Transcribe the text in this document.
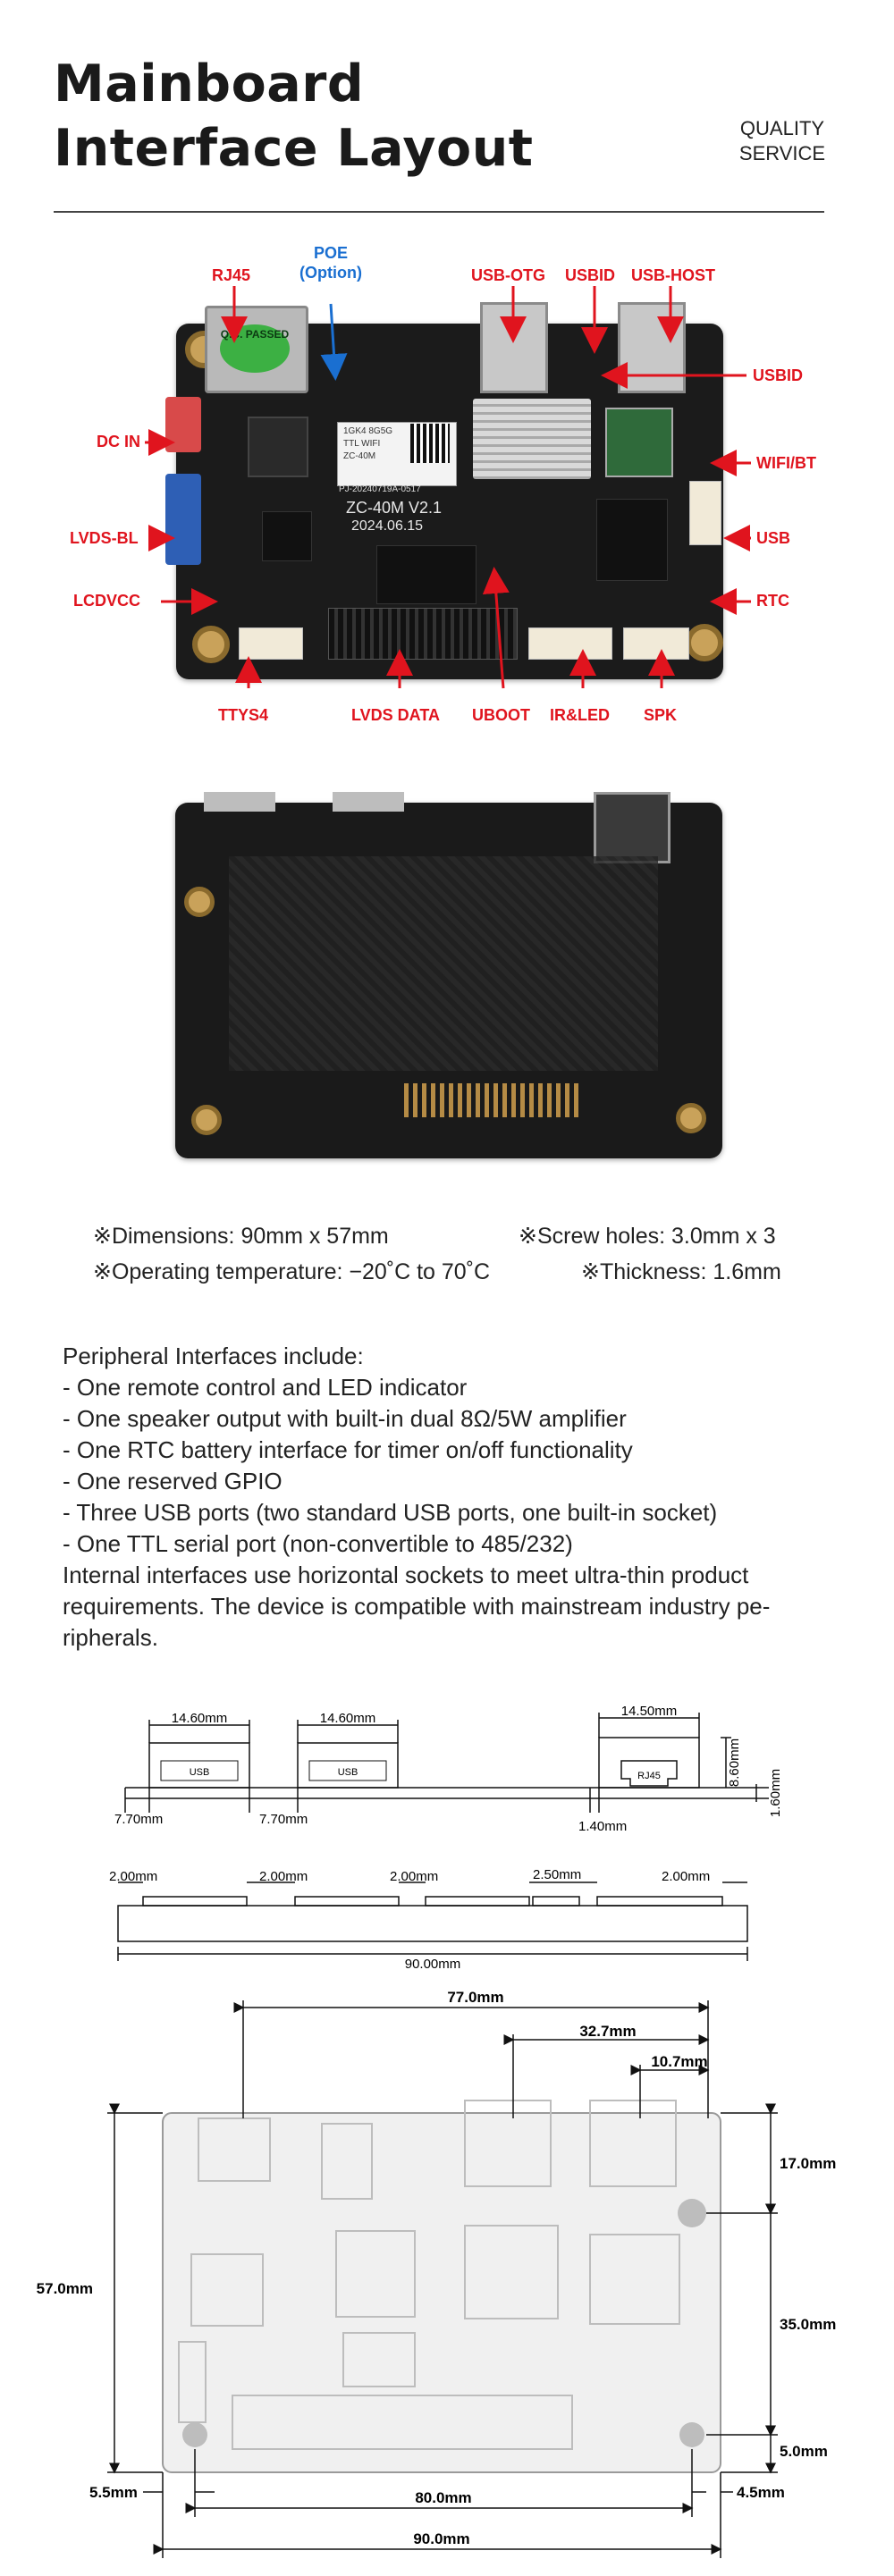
Mainboard
Interface Layout	QUALITY
SERVICE
Q.C. PASSED
1GK4 8G5G
TTL WIFI
ZC-40M
PJ-20240719A-0517
ZC-40M V2.1
2024.06.15
RJ45
POE
(Option)	USB-OTG USBID USB-HOST
USBID
DC IN
WIFI/BT
LVDS-BL	USB
LCDVCC	RTC
TTYS4	LVDS DATA UBOOT IR&LED SPK
※Dimensions: 90mm x 57mm	※Screw holes: 3.0mm x 3
※Operating temperature: −20˚C to 70˚C	※Thickness: 1.6mm
Peripheral Interfaces include:
- One remote control and LED indicator
- One speaker output with built-in dual 8Ω/5W amplifier
- One RTC battery interface for timer on/off functionality
- One reserved GPIO
- Three USB ports (two standard USB ports, one built-in socket)
- One TTL serial port (non-convertible to 485/232)
Internal interfaces use horizontal sockets to meet ultra-thin product requirements. The device is compatible with mainstream industry pe-ripherals.
USB	USB	RJ45
14.60mm	14.60mm	14.50mm
7.70mm	7.70mm	1.40mm
8.60mm
1.60mm
2.00mm	2.00mm	2.00mm	2.50mm	2.00mm
90.00mm
77.0mm
32.7mm
10.7mm
17.0mm
35.0mm
5.0mm
57.0mm
5.5mm	80.0mm	4.5mm
90.0mm
